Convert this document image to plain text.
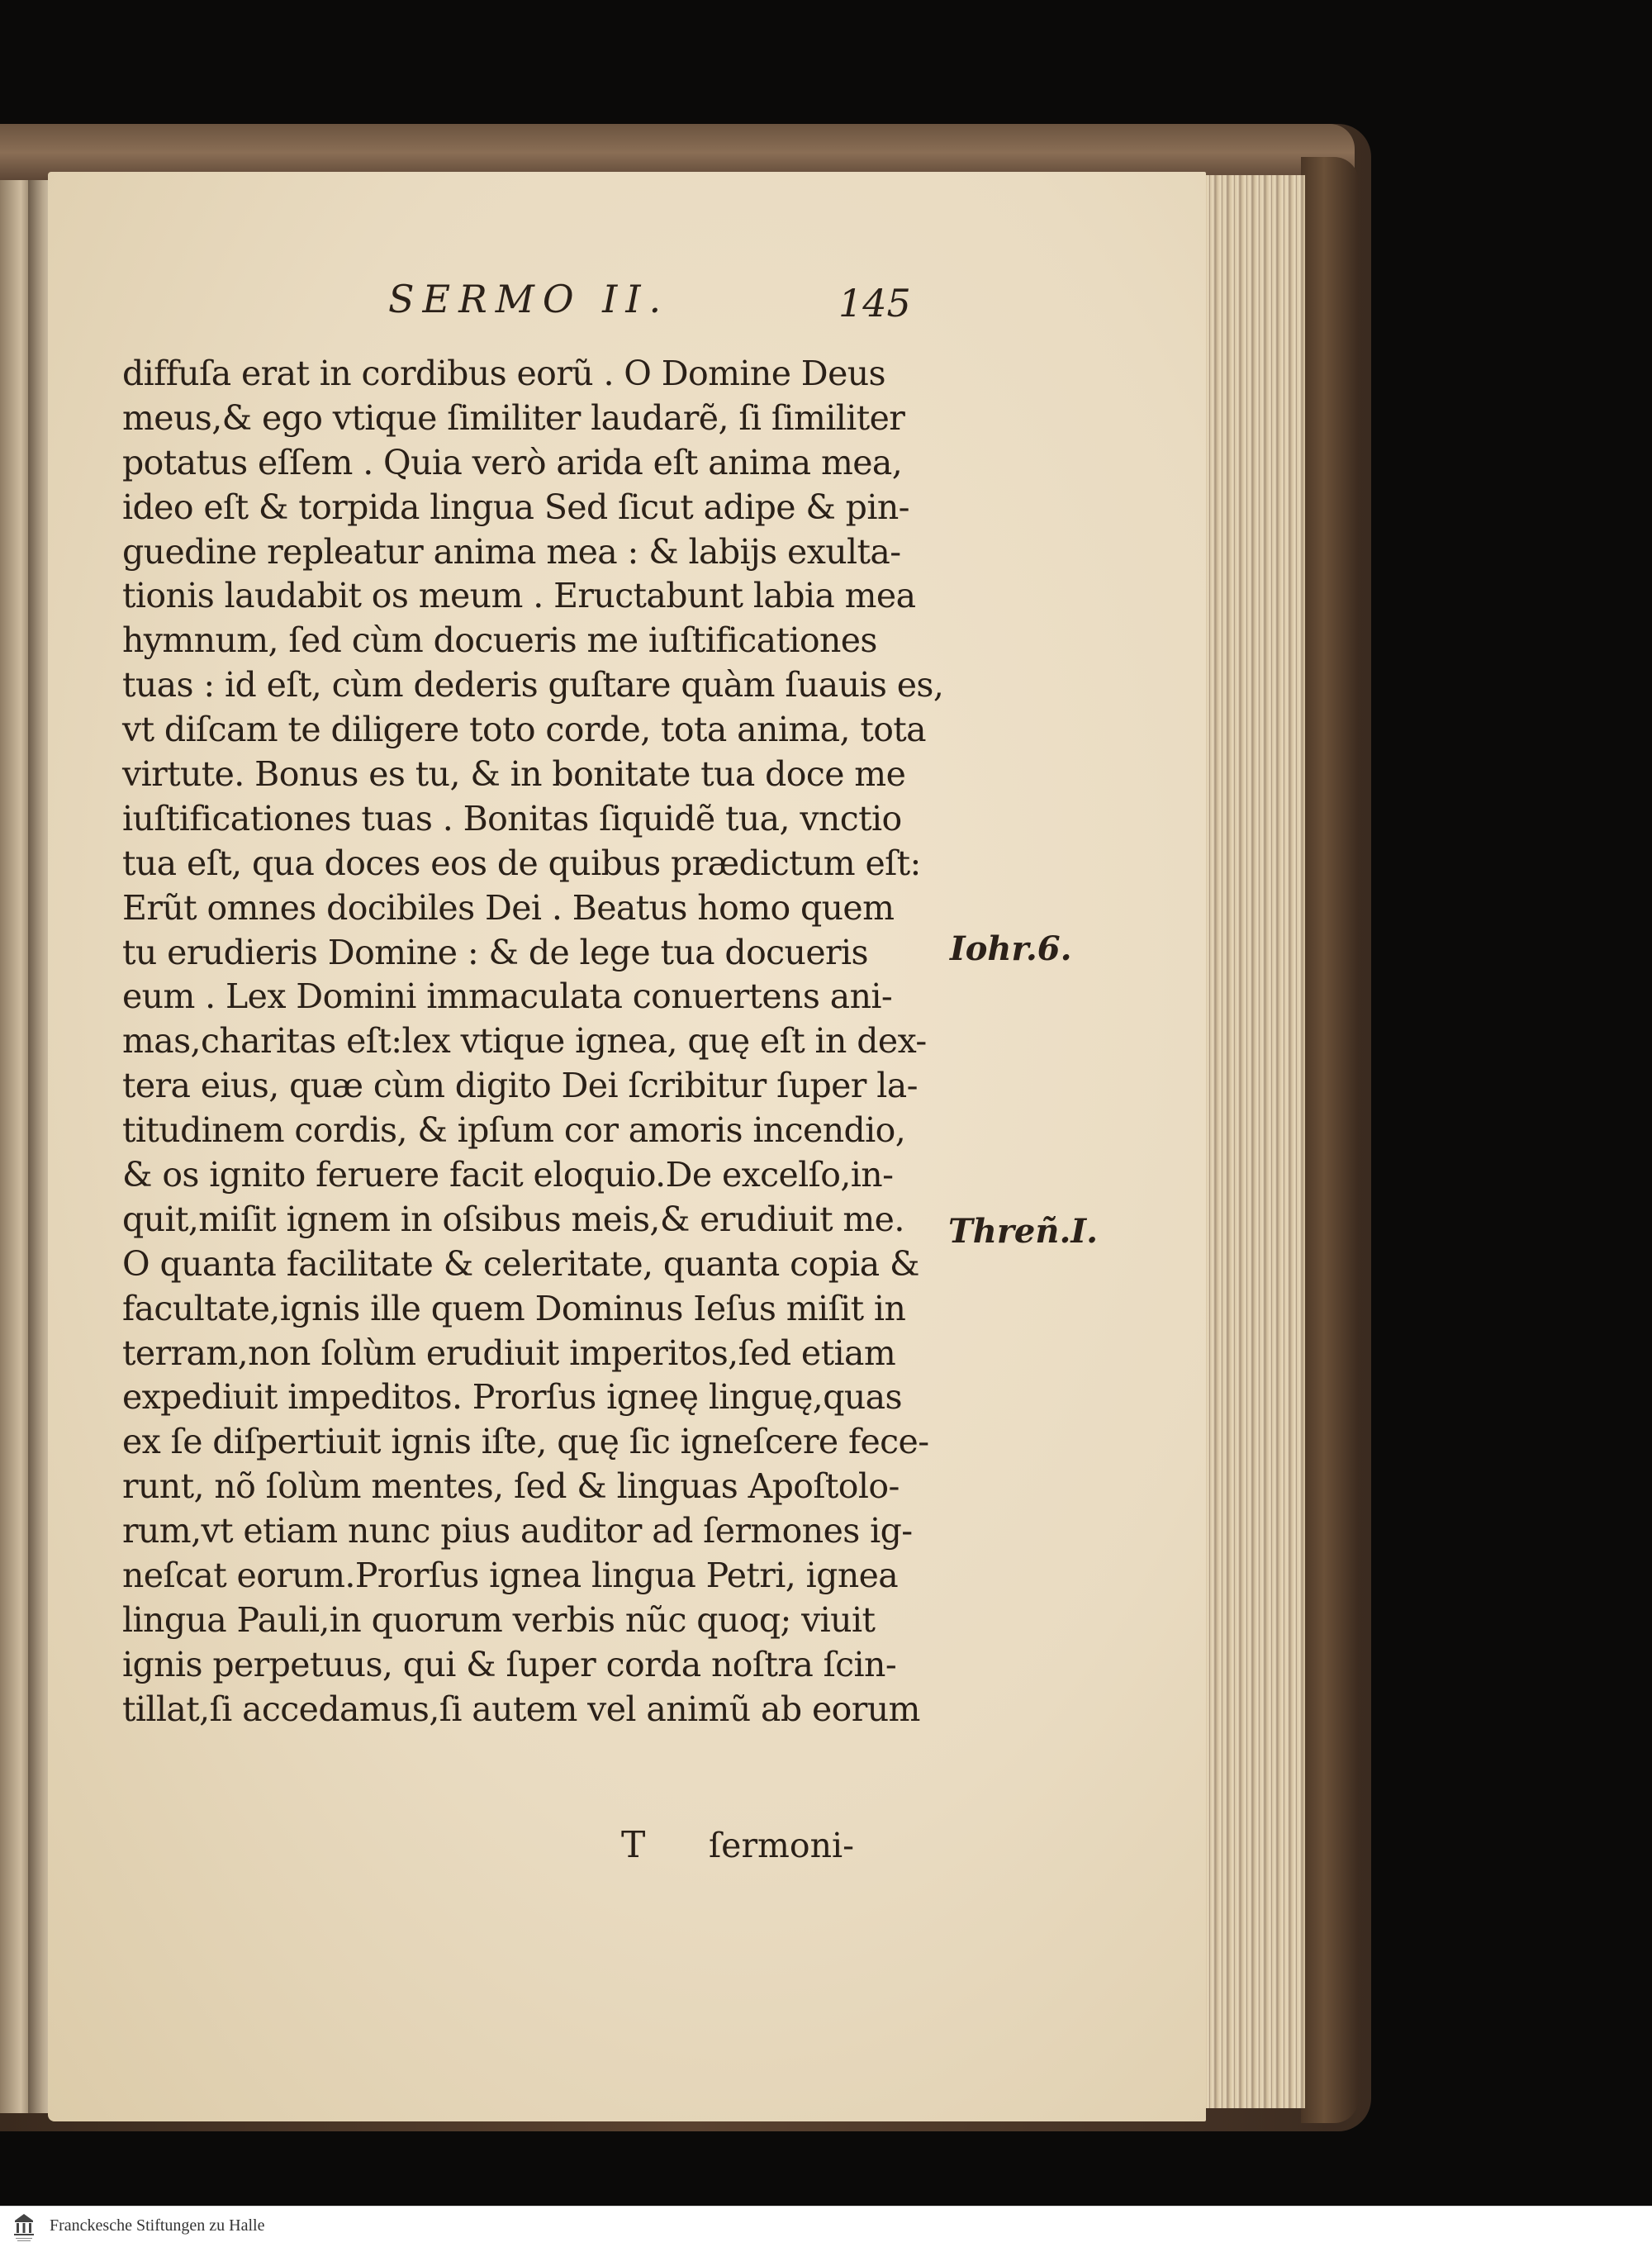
SERMO II.	145
diffuſa erat in cordibus eorũ . O Domine Deus
meus,& ego vtique ſimiliter laudarẽ, ſi ſimiliter
potatus eſſem . Quia verò arida eſt anima mea,
ideo eſt & torpida lingua Sed ſicut adipe & pin-
guedine repleatur anima mea : & labijs exulta-
tionis laudabit os meum . Eructabunt labia mea
hymnum, ſed cùm docueris me iuſtificationes
tuas : id eſt, cùm dederis guſtare quàm ſuauis es,
vt diſcam te diligere toto corde, tota anima, tota
virtute. Bonus es tu, & in bonitate tua doce me
iuſtificationes tuas . Bonitas ſiquidẽ tua, vnctio
tua eſt, qua doces eos de quibus prædictum eſt:
Erũt omnes docibiles Dei . Beatus homo quem
tu erudieris Domine : & de lege tua docueris
eum . Lex Domini immaculata conuertens ani-
mas,charitas eſt:lex vtique ignea, quę eſt in dex-
tera eius, quæ cùm digito Dei ſcribitur ſuper la-
titudinem cordis, & ipſum cor amoris incendio,
& os ignito feruere facit eloquio.De excelſo,in-
quit,miſit ignem in oſsibus meis,& erudiuit me.
O quanta facilitate & celeritate, quanta copia &
facultate,ignis ille quem Dominus Ieſus miſit in
terram,non ſolùm erudiuit imperitos,ſed etiam
expediuit impeditos. Prorſus igneę linguę,quas
ex ſe diſpertiuit ignis iſte, quę ſic igneſcere fece-
runt, nõ ſolùm mentes, ſed & linguas Apoſtolo-
rum,vt etiam nunc pius auditor ad ſermones ig-
neſcat eorum.Prorſus ignea lingua Petri, ignea
lingua Pauli,in quorum verbis nũc quoq; viuit
ignis perpetuus, qui & ſuper corda noſtra ſcin-
tillat,ſi accedamus,ſi autem vel animũ ab eorum
Iohr.6.
Threñ.I.
T ſermoni-
Franckesche Stiftungen zu Halle
